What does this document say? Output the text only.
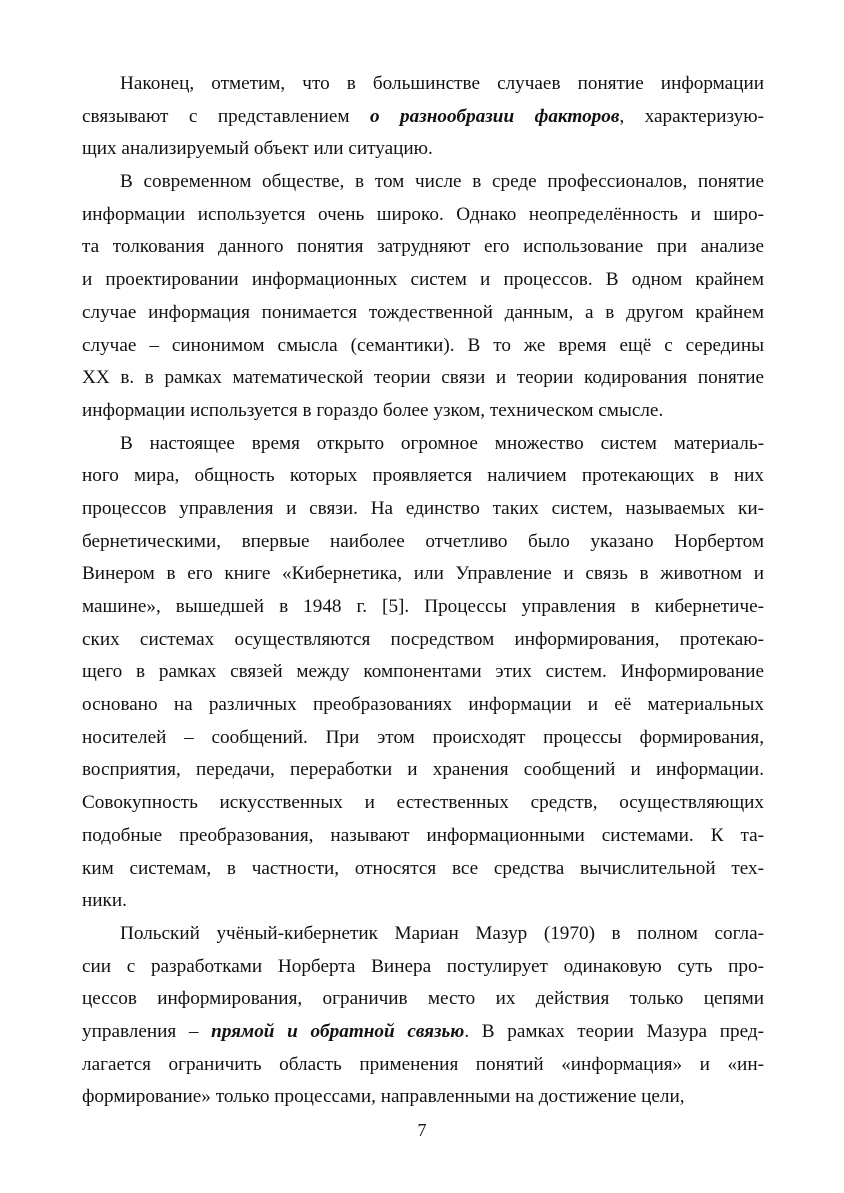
Наконец, отметим, что в большинстве случаев понятие информации
связывают с представлением о разнообразии факторов, характеризую-
щих анализируемый объект или ситуацию.
В современном обществе, в том числе в среде профессионалов, понятие
информации используется очень широко. Однако неопределённость и широ-
та толкования данного понятия затрудняют его использование при анализе
и проектировании информационных систем и процессов. В одном крайнем
случае информация понимается тождественной данным, а в другом крайнем
случае – синонимом смысла (семантики). В то же время ещё с середины
XX в. в рамках математической теории связи и теории кодирования понятие
информации используется в гораздо более узком, техническом смысле.
В настоящее время открыто огромное множество систем материаль-
ного мира, общность которых проявляется наличием протекающих в них
процессов управления и связи. На единство таких систем, называемых ки-
бернетическими, впервые наиболее отчетливо было указано Норбертом
Винером в его книге «Кибернетика, или Управление и связь в животном и
машине», вышедшей в 1948 г. [5]. Процессы управления в кибернетиче-
ских системах осуществляются посредством информирования, протекаю-
щего в рамках связей между компонентами этих систем. Информирование
основано на различных преобразованиях информации и её материальных
носителей – сообщений. При этом происходят процессы формирования,
восприятия, передачи, переработки и хранения сообщений и информации.
Совокупность искусственных и естественных средств, осуществляющих
подобные преобразования, называют информационными системами. К та-
ким системам, в частности, относятся все средства вычислительной тех-
ники.
Польский учёный-кибернетик Мариан Мазур (1970) в полном согла-
сии с разработками Норберта Винера постулирует одинаковую суть про-
цессов информирования, ограничив место их действия только цепями
управления – прямой и обратной связью. В рамках теории Мазура пред-
лагается ограничить область применения понятий «информация» и «ин-
формирование» только процессами, направленными на достижение цели,
7
